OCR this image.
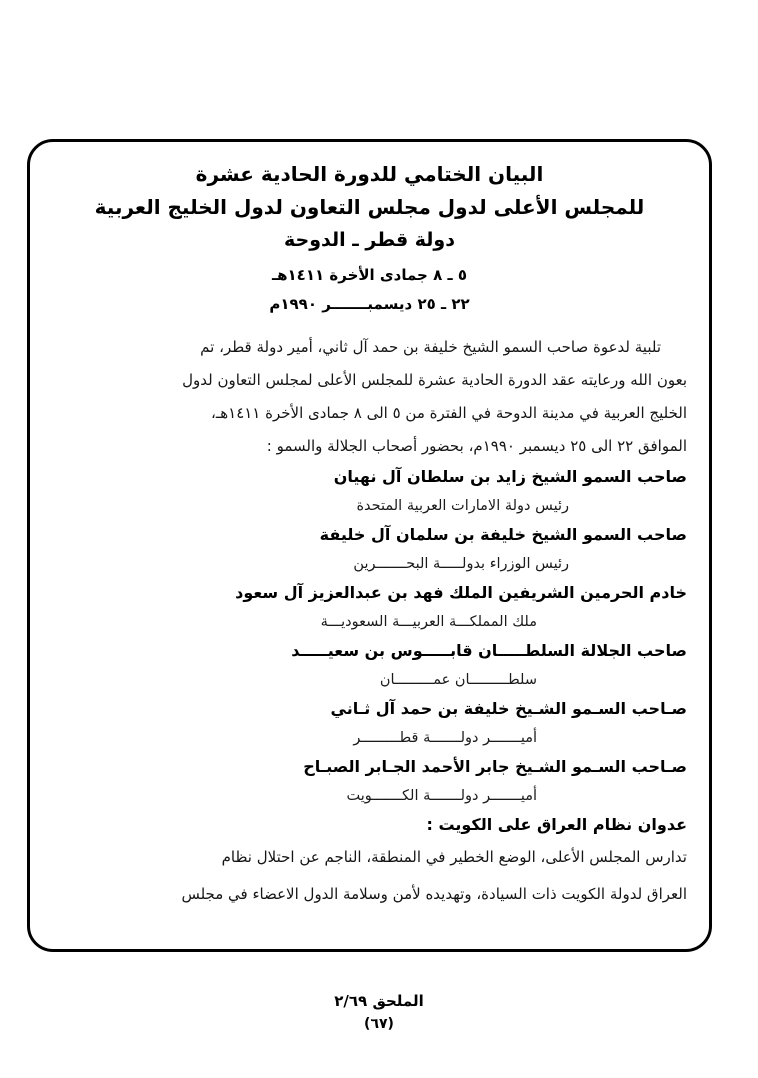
البيان الختامي للدورة الحادية عشرة
للمجلس الأعلى لدول مجلس التعاون لدول الخليج العربية
دولة قطر ـ الدوحة
٥ ـ ٨ جمادى الأخرة ١٤١١هـ
٢٢ ـ ٢٥ ديسمبـــــــر ١٩٩٠م
تلبية لدعوة صاحب السمو الشيخ خليفة بن حمد آل ثاني، أمير دولة قطر، تم
بعون الله ورعايته عقد الدورة الحادية عشرة للمجلس الأعلى لمجلس التعاون لدول
الخليج العربية في مدينة الدوحة في الفترة من ٥ الى ٨ جمادى الأخرة ١٤١١هـ،
الموافق ٢٢ الى ٢٥ ديسمبر ١٩٩٠م، بحضور أصحاب الجلالة والسمو :
صاحب السمو الشيخ زايد بن سلطان آل نهيان
رئيس دولة الامارات العربية المتحدة
صاحب السمو الشيخ خليفة بن سلمان آل خليفة
رئيس الوزراء بدولـــــة البحـــــــرين
خادم الحرمين الشريفين الملك فهد بن عبدالعزيز آل سعود
ملك المملكـــة العربيـــة السعوديـــة
صاحب الجلالة السلطـــــان قابـــــوس بن سعيـــــد
سلطـــــــــان عمـــــــــان
صـاحب السـمو الشـيخ خليفة بن حمد آل ثـاني
أميـــــــر دولـــــــة قطـــــــــر
صـاحب السـمو الشـيخ جابر الأحمد الجـابر الصبـاح
أميـــــــر دولـــــــة الكـــــــويت
عدوان نظام العراق على الكويت :
تدارس المجلس الأعلى، الوضع الخطير في المنطقة، الناجم عن احتلال نظام
العراق لدولة الكويت ذات السيادة، وتهديده لأمن وسلامة الدول الاعضاء في مجلس
الملحق ٢/٦٩
(٦٧)
